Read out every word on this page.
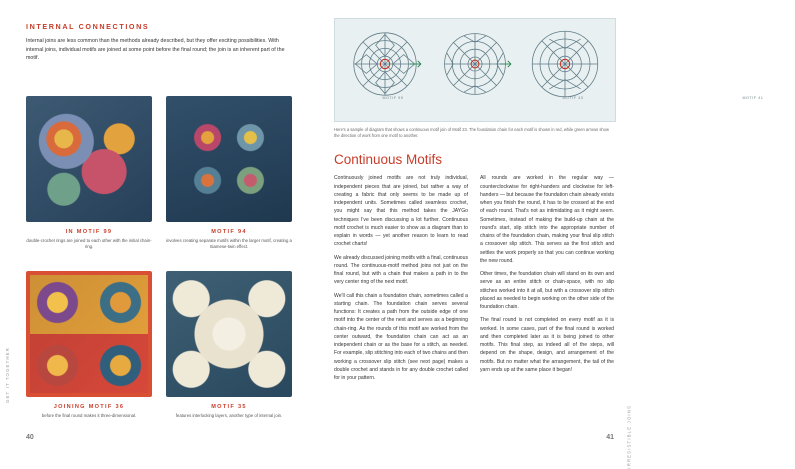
INTERNAL CONNECTIONS

Internal joins are less common than the methods already described, but they offer exciting possibilities. With internal joins, individual motifs are joined at some point before the final round; the join is an inherent part of the motif.

IN MOTIF 99
double-crochet rings are joined to each other with the initial chain-ring.
MOTIF 94
involves creating separate motifs within the larger motif, creating a Siamese-twin effect.
JOINING MOTIF 36
before the final round makes it three-dimensional.
MOTIF 35
features interlocking layers, another type of internal join.
GET IT TOGETHER
40
MOTIF 99	MOTIF 43	MOTIF 41
Here's a sample of diagram that shows a continuous motif join of Motif 23. The foundation chain for each motif is shown in red, while green arrows show the direction of work from one motif to another.
Continuous Motifs

Continuously joined motifs are not truly individual, independent pieces that are joined, but rather a way of creating a fabric that only seems to be made up of independent units. Sometimes called seamless crochet, you might say that this method takes the JAYGo techniques I've been discussing a lot further. Continuous motif crochet is much easier to show as a diagram than to explain in words — yet another reason to learn to read crochet charts!

We already discussed joining motifs with a final, continuous round. The continuous-motif method joins not just on the final round, but with a chain that makes a path in to the very center ring of the next motif.

We'll call this chain a foundation chain, sometimes called a starting chain. The foundation chain serves several functions: It creates a path from the outside edge of one motif into the center of the next and serves as a beginning chain-ring. As the rounds of this motif are worked from the center outward, the foundation chain can act as an independent chain or as the base for a stitch, as needed. For example, slip stitching into each of two chains and then working a crossover slip stitch (see next page) makes a double crochet and stands in for any double crochet called for in your pattern.

All rounds are worked in the regular way — counterclockwise for right-handers and clockwise for left-handers — but because the foundation chain already exists when you finish the round, it has to be crossed at the end of each round. That's not as intimidating as it might seem. Sometimes, instead of making the build-up chain at the round's start, slip stitch into the appropriate number of chains of the foundation chain, making your final slip stitch a crossover slip stitch. This serves as the first stitch and settles the work properly so that you can continue working the new round.

Other times, the foundation chain will stand on its own and serve as an entire stitch or chain-space, with no slip stitches worked into it at all, but with a crossover slip stitch placed as needed to begin working on the other side of the foundation chain.

The final round is not completed on every motif as it is worked. In some cases, part of the final round is worked and then completed later as it is being joined to other motifs. This final step, as indeed all of the steps, will depend on the shape, design, and arrangement of the motifs. But no matter what the arrangement, the tail of the yarn ends up at the same place it began!

IRRESISTIBLE JOINS
41
